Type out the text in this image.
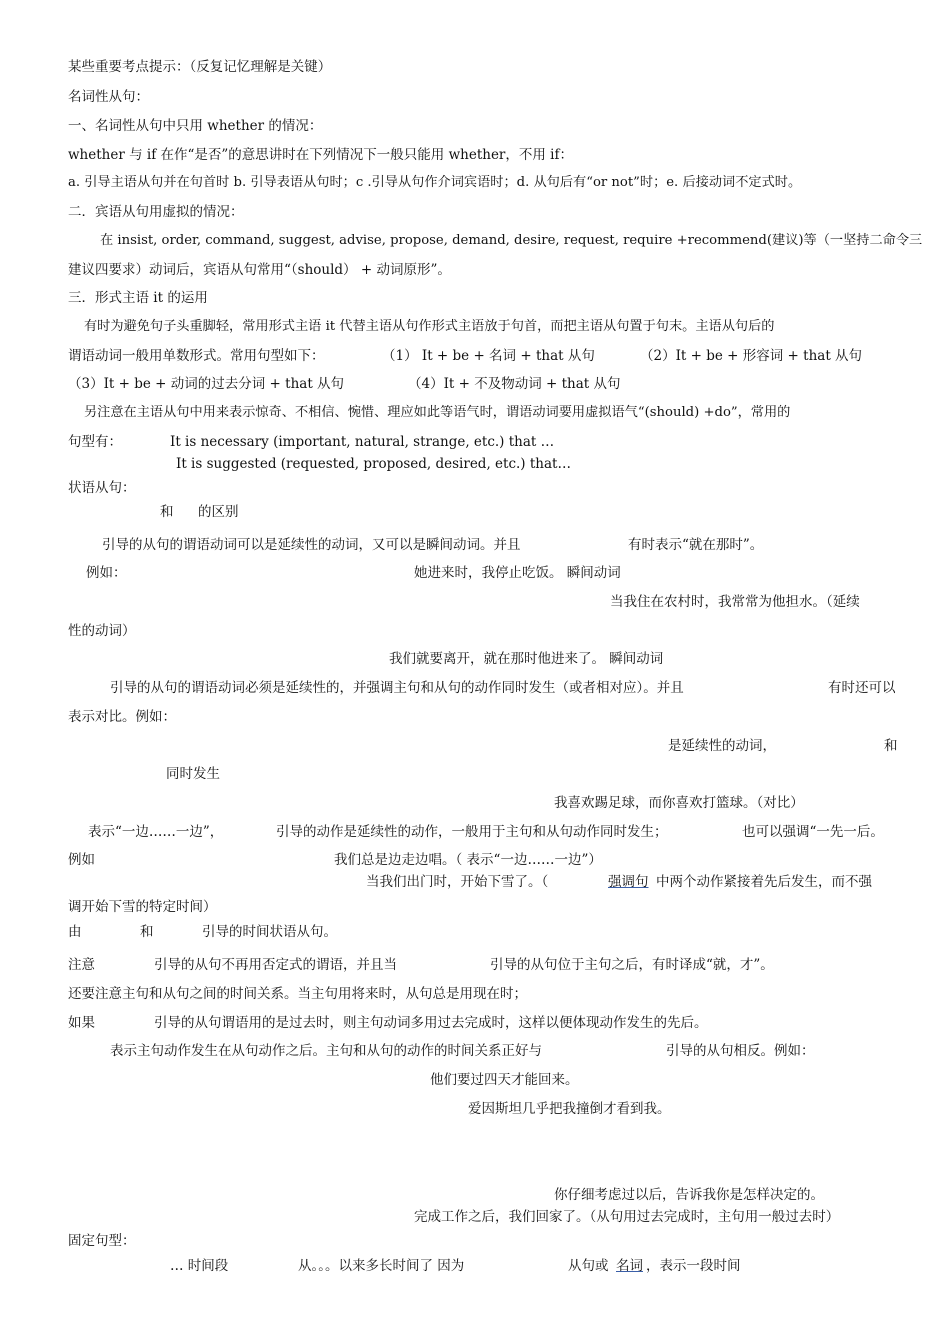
某些重要考点提示：（反复记忆理解是关键）
名词性从句：
一、名词性从句中只用 whether 的情况：
whether 与 if 在作“是否”的意思讲时在下列情况下一般只能用 whether，不用 if：
a. 引导主语从句并在句首时 b. 引导表语从句时；c .引导从句作介词宾语时；d. 从句后有“or not”时；e. 后接动词不定式时。
二．宾语从句用虚拟的情况：
在 insist, order, command, suggest, advise, propose, demand, desire, request, require +recommend(建议)等（一坚持二命令三
建议四要求）动词后，宾语从句常用“（should） + 动词原形”。
三．形式主语 it 的运用
有时为避免句子头重脚轻，常用形式主语 it 代替主语从句作形式主语放于句首，而把主语从句置于句末。主语从句后的
谓语动词一般用单数形式。常用句型如下：	（1） It + be + 名词 + that 从句	（2）It + be + 形容词 + that 从句
（3）It + be + 动词的过去分词 + that 从句	（4）It + 不及物动词 + that 从句
另注意在主语从句中用来表示惊奇、不相信、惋惜、理应如此等语气时，谓语动词要用虚拟语气“(should) +do”，常用的
句型有：	It is necessary (important, natural, strange, etc.) that …
It is suggested (requested, proposed, desired, etc.) that…
状语从句：
和 的区别
引导的从句的谓语动词可以是延续性的动词，又可以是瞬间动词。并且	有时表示“就在那时”。
例如：	她进来时，我停止吃饭。 瞬间动词
当我住在农村时，我常常为他担水。（延续
性的动词）
我们就要离开，就在那时他进来了。 瞬间动词
引导的从句的谓语动词必须是延续性的，并强调主句和从句的动作同时发生（或者相对应）。并且	有时还可以
表示对比。例如：
是延续性的动词，	和
同时发生
我喜欢踢足球，而你喜欢打篮球。（对比）
表示“一边……一边”，	引导的动作是延续性的动作，一般用于主句和从句动作同时发生；	也可以强调“一先一后。
例如	我们总是边走边唱。（ 表示“一边……一边”）
当我们出门时，开始下雪了。（	强调句 中两个动作紧接着先后发生，而不强
调开始下雪的特定时间）
由	和	引导的时间状语从句。
注意	引导的从句不再用否定式的谓语，并且当	引导的从句位于主句之后，有时译成“就，才”。
还要注意主句和从句之间的时间关系。当主句用将来时，从句总是用现在时；
如果	引导的从句谓语用的是过去时，则主句动词多用过去完成时，这样以便体现动作发生的先后。
表示主句动作发生在从句动作之后。主句和从句的动作的时间关系正好与	引导的从句相反。例如：
他们要过四天才能回来。
爱因斯坦几乎把我撞倒才看到我。
你仔细考虑过以后，告诉我你是怎样决定的。
完成工作之后，我们回家了。（从句用过去完成时，主句用一般过去时）
固定句型：
… 时间段	从。。。以来多长时间了 因为	从句或 名词 ，表示一段时间
